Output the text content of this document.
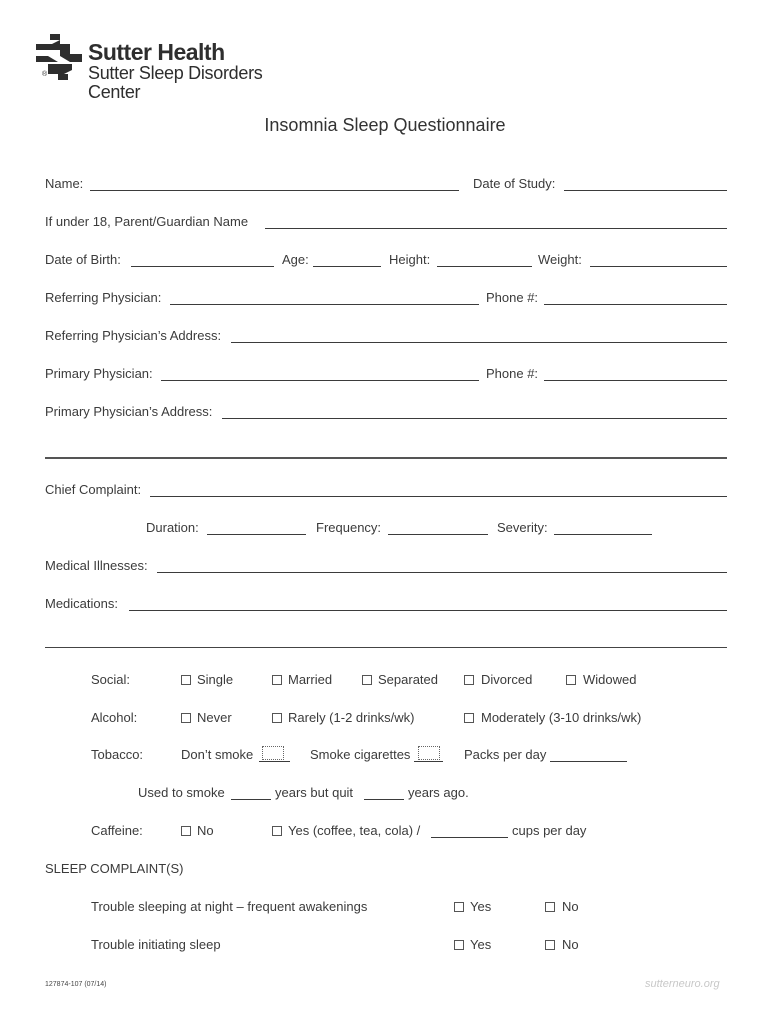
®
Sutter Health
Sutter Sleep Disorders
Center
Insomnia Sleep Questionnaire
Name:	Date of Study:
If under 18, Parent/Guardian Name
Date of Birth:	Age:	Height:	Weight:
Referring Physician:	Phone #:
Referring Physician’s Address:
Primary Physician:	Phone #:
Primary Physician’s Address:
Chief Complaint:
Duration:	Frequency:	Severity:
Medical Illnesses:
Medications:
Social:	Single	Married	Separated	Divorced	Widowed
Alcohol:	Never	Rarely (1-2 drinks/wk)	Moderately (3-10 drinks/wk)
Tobacco:	Don’t smoke	Smoke cigarettes	Packs per day
Used to smoke	years but quit	years ago.
Caffeine:	No	Yes (coffee, tea, cola) /	cups per day
SLEEP COMPLAINT(S)
Trouble sleeping at night – frequent awakenings	Yes	No
Trouble initiating sleep	Yes	No
127874-107 (07/14)	sutterneuro.org
